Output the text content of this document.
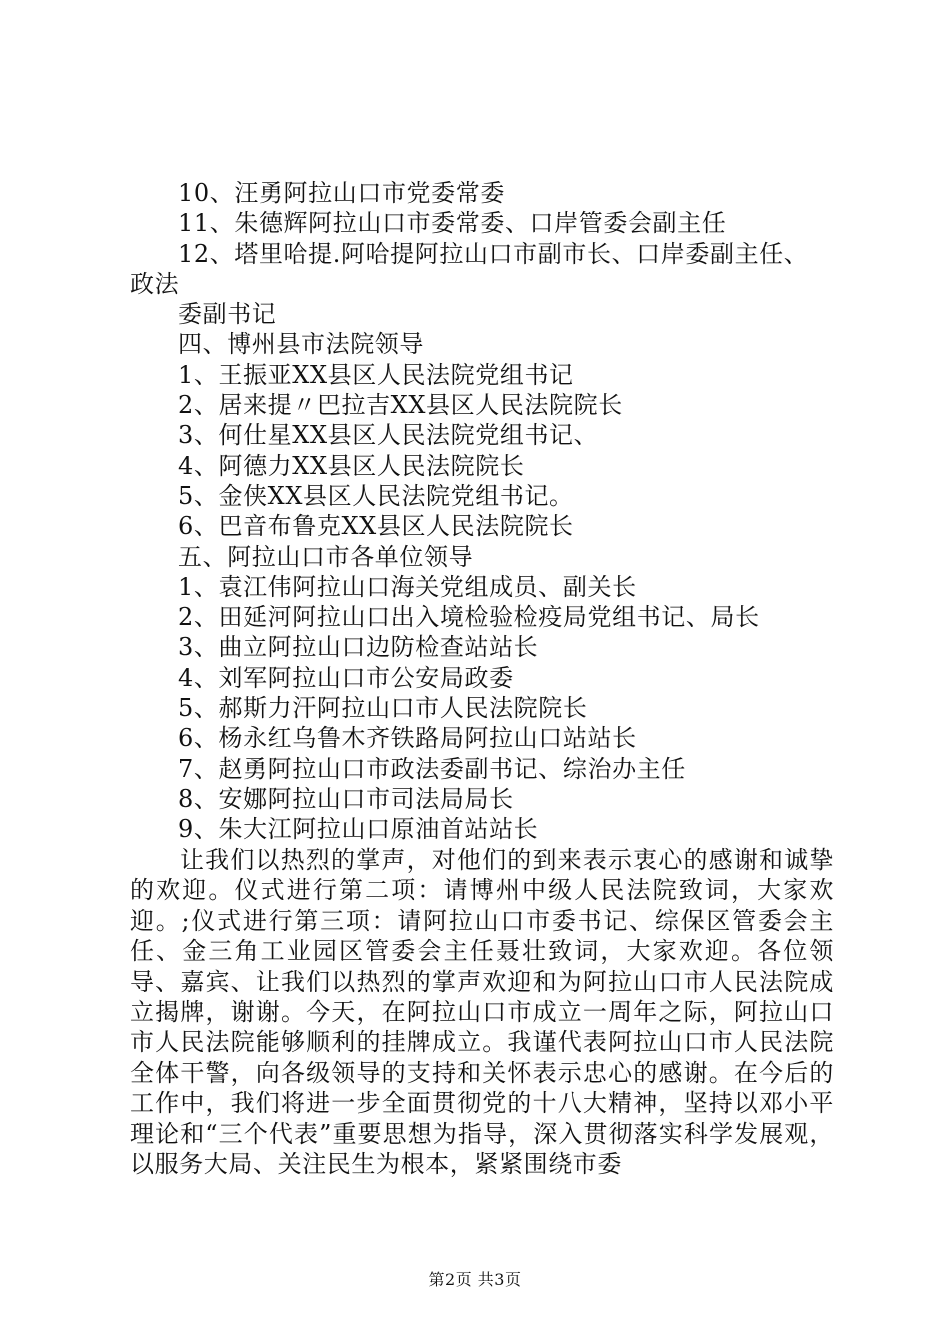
10、汪勇阿拉山口市党委常委
11、朱德辉阿拉山口市委常委、口岸管委会副主任
12、塔里哈提.阿哈提阿拉山口市副市长、口岸委副主任、
政法
委副书记
四、博州县市法院领导
1、王振亚XX县区人民法院党组书记
2、居来提〃巴拉吉XX县区人民法院院长
3、何仕星XX县区人民法院党组书记、
4、阿德力XX县区人民法院院长
5、金侠XX县区人民法院党组书记。
6、巴音布鲁克XX县区人民法院院长
五、阿拉山口市各单位领导
1、袁江伟阿拉山口海关党组成员、副关长
2、田延河阿拉山口出入境检验检疫局党组书记、局长
3、曲立阿拉山口边防检查站站长
4、刘军阿拉山口市公安局政委
5、郝斯力汗阿拉山口市人民法院院长
6、杨永红乌鲁木齐铁路局阿拉山口站站长
7、赵勇阿拉山口市政法委副书记、综治办主任
8、安娜阿拉山口市司法局局长
9、朱大江阿拉山口原油首站站长
让我们以热烈的掌声，对他们的到来表示衷心的感谢和诚挚的欢迎。仪式进行第二项：请博州中级人民法院致词，大家欢迎。;仪式进行第三项：请阿拉山口市委书记、综保区管委会主任、金三角工业园区管委会主任聂壮致词，大家欢迎。各位领导、嘉宾、让我们以热烈的掌声欢迎和为阿拉山口市人民法院成立揭牌，谢谢。今天，在阿拉山口市成立一周年之际，阿拉山口市人民法院能够顺利的挂牌成立。我谨代表阿拉山口市人民法院全体干警，向各级领导的支持和关怀表示忠心的感谢。在今后的工作中，我们将进一步全面贯彻党的十八大精神，坚持以邓小平理论和“三个代表”重要思想为指导，深入贯彻落实科学发展观，以服务大局、关注民生为根本，紧紧围绕市委
第2页 共3页
